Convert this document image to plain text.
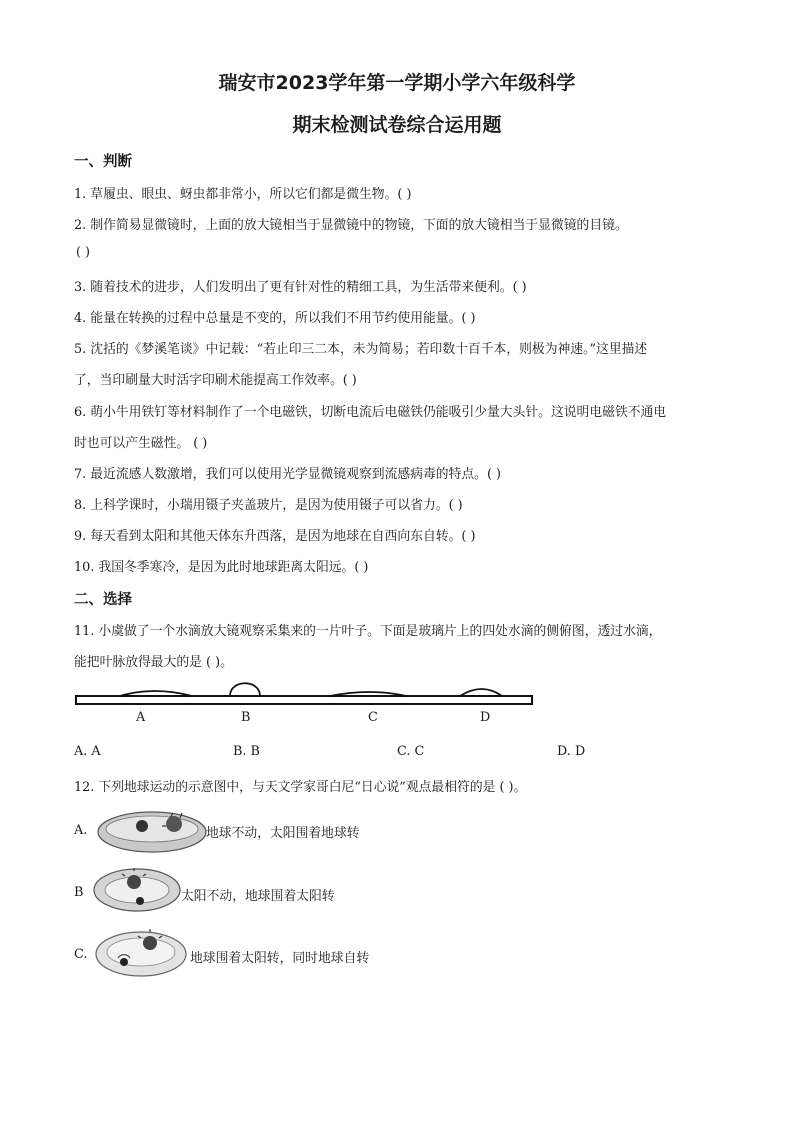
瑞安市2023学年第一学期小学六年级科学
期末检测试卷综合运用题
一、判断
1. 草履虫、眼虫、蚜虫都非常小，所以它们都是微生物。( )
2. 制作简易显微镜时，上面的放大镜相当于显微镜中的物镜，下面的放大镜相当于显微镜的目镜。
( )
3. 随着技术的进步，人们发明出了更有针对性的精细工具，为生活带来便利。( )
4. 能量在转换的过程中总量是不变的，所以我们不用节约使用能量。( )
5. 沈括的《梦溪笔谈》中记载：“若止印三二本，未为简易；若印数十百千本，则极为神速。”这里描述
了，当印刷量大时活字印刷术能提高工作效率。( )
6. 萌小牛用铁钉等材料制作了一个电磁铁，切断电流后电磁铁仍能吸引少量大头针。这说明电磁铁不通电
时也可以产生磁性。 ( )
7. 最近流感人数激增，我们可以使用光学显微镜观察到流感病毒的特点。( )
8. 上科学课时，小瑞用镊子夹盖玻片，是因为使用镊子可以省力。( )
9. 每天看到太阳和其他天体东升西落，是因为地球在自西向东自转。( )
10. 我国冬季寒冷，是因为此时地球距离太阳远。( )
二、选择
11. 小虞做了一个水滴放大镜观察采集来的一片叶子。下面是玻璃片上的四处水滴的侧俯图，透过水滴，
能把叶脉放得最大的是 ( )。
A	B	C	D
A. A	B. B	C. C	D. D
12. 下列地球运动的示意图中，与天文学家哥白尼“日心说”观点最相符的是 ( )。
A.	地球不动，太阳围着地球转
B	太阳不动，地球围着太阳转
C.	地球围着太阳转，同时地球自转
